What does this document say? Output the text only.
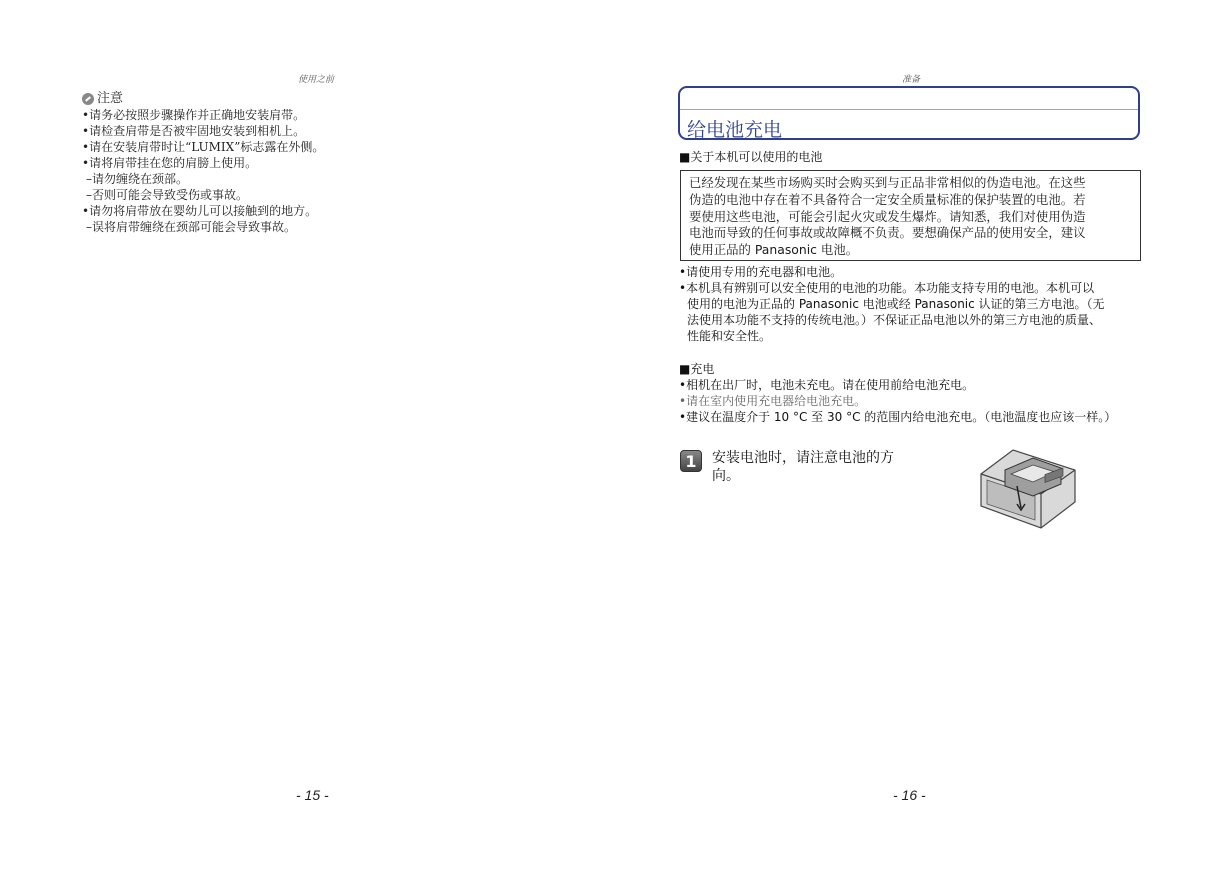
使用之前
注意
•请务必按照步骤操作并正确地安装肩带。
•请检查肩带是否被牢固地安装到相机上。
•请在安装肩带时让“LUMIX”标志露在外侧。
•请将肩带挂在您的肩膀上使用。
–请勿缠绕在颈部。
–否则可能会导致受伤或事故。
•请勿将肩带放在婴幼儿可以接触到的地方。
–误将肩带缠绕在颈部可能会导致事故。
- 15 -
准备
给电池充电
■关于本机可以使用的电池
已经发现在某些市场购买时会购买到与正品非常相似的伪造电池。在这些
伪造的电池中存在着不具备符合一定安全质量标准的保护装置的电池。若
要使用这些电池，可能会引起火灾或发生爆炸。请知悉，我们对使用伪造
电池而导致的任何事故或故障概不负责。要想确保产品的使用安全，建议
使用正品的 Panasonic 电池。
•请使用专用的充电器和电池。
•本机具有辨别可以安全使用的电池的功能。本功能支持专用的电池。本机可以
使用的电池为正品的 Panasonic 电池或经 Panasonic 认证的第三方电池。（无
法使用本功能不支持的传统电池。）不保证正品电池以外的第三方电池的质量、
性能和安全性。
■充电
•相机在出厂时，电池未充电。请在使用前给电池充电。
•请在室内使用充电器给电池充电。
•建议在温度介于 10 °C 至 30 °C 的范围内给电池充电。（电池温度也应该一样。）
1	安装电池时，请注意电池的方
向。
- 16 -
